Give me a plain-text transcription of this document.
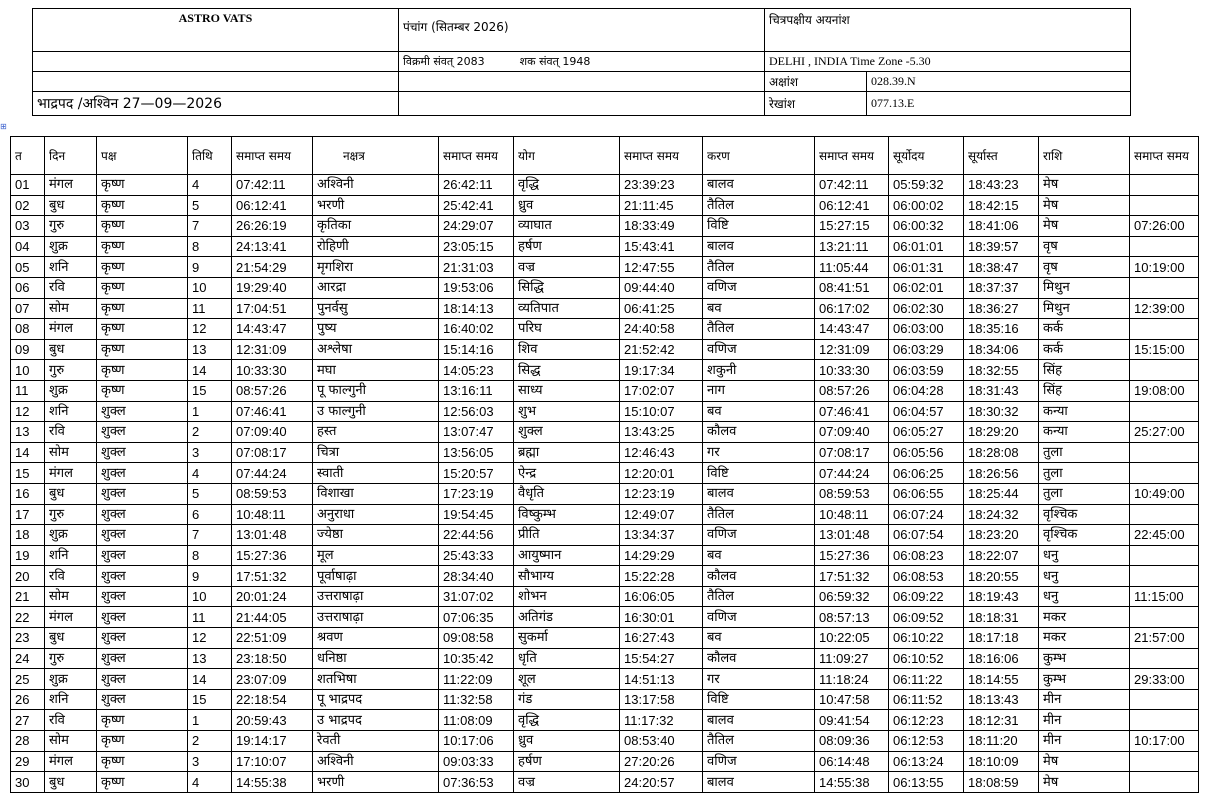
ASTRO VATS	पंचांग (सितम्बर 2026)	चित्रपक्षीय अयनांश	
	विक्रमी संवत् 2083 शक संवत् 1948	DELHI , INDIA Time Zone -5.30	
		अक्षांश	028.39.N
भाद्रपद /अश्विन 27—09—2026		रेखांश	077.13.E
⊞
त	दिन	पक्ष	तिथि	समाप्त समय	नक्षत्र	समाप्त समय	योग	समाप्त समय	करण	समाप्त समय	सूर्योदय	सूर्यास्त	राशि	समाप्त समय
01	मंगल	कृष्ण	4	07:42:11	अश्विनी	26:42:11	वृद्धि	23:39:23	बालव	07:42:11	05:59:32	18:43:23	मेष	
02	बुध	कृष्ण	5	06:12:41	भरणी	25:42:41	ध्रुव	21:11:45	तैतिल	06:12:41	06:00:02	18:42:15	मेष	
03	गुरु	कृष्ण	7	26:26:19	कृतिका	24:29:07	व्याघात	18:33:49	विष्टि	15:27:15	06:00:32	18:41:06	मेष	07:26:00
04	शुक्र	कृष्ण	8	24:13:41	रोहिणी	23:05:15	हर्षण	15:43:41	बालव	13:21:11	06:01:01	18:39:57	वृष	
05	शनि	कृष्ण	9	21:54:29	मृगशिरा	21:31:03	वज्र	12:47:55	तैतिल	11:05:44	06:01:31	18:38:47	वृष	10:19:00
06	रवि	कृष्ण	10	19:29:40	आरद्रा	19:53:06	सिद्धि	09:44:40	वणिज	08:41:51	06:02:01	18:37:37	मिथुन	
07	सोम	कृष्ण	11	17:04:51	पुनर्वसु	18:14:13	व्यतिपात	06:41:25	बव	06:17:02	06:02:30	18:36:27	मिथुन	12:39:00
08	मंगल	कृष्ण	12	14:43:47	पुष्य	16:40:02	परिघ	24:40:58	तैतिल	14:43:47	06:03:00	18:35:16	कर्क	
09	बुध	कृष्ण	13	12:31:09	अश्लेषा	15:14:16	शिव	21:52:42	वणिज	12:31:09	06:03:29	18:34:06	कर्क	15:15:00
10	गुरु	कृष्ण	14	10:33:30	मघा	14:05:23	सिद्ध	19:17:34	शकुनी	10:33:30	06:03:59	18:32:55	सिंह	
11	शुक्र	कृष्ण	15	08:57:26	पू फाल्गुनी	13:16:11	साध्य	17:02:07	नाग	08:57:26	06:04:28	18:31:43	सिंह	19:08:00
12	शनि	शुक्ल	1	07:46:41	उ फाल्गुनी	12:56:03	शुभ	15:10:07	बव	07:46:41	06:04:57	18:30:32	कन्या	
13	रवि	शुक्ल	2	07:09:40	हस्त	13:07:47	शुक्ल	13:43:25	कौलव	07:09:40	06:05:27	18:29:20	कन्या	25:27:00
14	सोम	शुक्ल	3	07:08:17	चित्रा	13:56:05	ब्रह्मा	12:46:43	गर	07:08:17	06:05:56	18:28:08	तुला	
15	मंगल	शुक्ल	4	07:44:24	स्वाती	15:20:57	ऐन्द्र	12:20:01	विष्टि	07:44:24	06:06:25	18:26:56	तुला	
16	बुध	शुक्ल	5	08:59:53	विशाखा	17:23:19	वैधृति	12:23:19	बालव	08:59:53	06:06:55	18:25:44	तुला	10:49:00
17	गुरु	शुक्ल	6	10:48:11	अनुराधा	19:54:45	विष्कुम्भ	12:49:07	तैतिल	10:48:11	06:07:24	18:24:32	वृश्चिक	
18	शुक्र	शुक्ल	7	13:01:48	ज्येष्ठा	22:44:56	प्रीति	13:34:37	वणिज	13:01:48	06:07:54	18:23:20	वृश्चिक	22:45:00
19	शनि	शुक्ल	8	15:27:36	मूल	25:43:33	आयुष्मान	14:29:29	बव	15:27:36	06:08:23	18:22:07	धनु	
20	रवि	शुक्ल	9	17:51:32	पूर्वाषाढ़ा	28:34:40	सौभाग्य	15:22:28	कौलव	17:51:32	06:08:53	18:20:55	धनु	
21	सोम	शुक्ल	10	20:01:24	उत्तराषाढ़ा	31:07:02	शोभन	16:06:05	तैतिल	06:59:32	06:09:22	18:19:43	धनु	11:15:00
22	मंगल	शुक्ल	11	21:44:05	उत्तराषाढ़ा	07:06:35	अतिगंड	16:30:01	वणिज	08:57:13	06:09:52	18:18:31	मकर	
23	बुध	शुक्ल	12	22:51:09	श्रवण	09:08:58	सुकर्मा	16:27:43	बव	10:22:05	06:10:22	18:17:18	मकर	21:57:00
24	गुरु	शुक्ल	13	23:18:50	धनिष्ठा	10:35:42	धृति	15:54:27	कौलव	11:09:27	06:10:52	18:16:06	कुम्भ	
25	शुक्र	शुक्ल	14	23:07:09	शतभिषा	11:22:09	शूल	14:51:13	गर	11:18:24	06:11:22	18:14:55	कुम्भ	29:33:00
26	शनि	शुक्ल	15	22:18:54	पू भाद्रपद	11:32:58	गंड	13:17:58	विष्टि	10:47:58	06:11:52	18:13:43	मीन	
27	रवि	कृष्ण	1	20:59:43	उ भाद्रपद	11:08:09	वृद्धि	11:17:32	बालव	09:41:54	06:12:23	18:12:31	मीन	
28	सोम	कृष्ण	2	19:14:17	रेवती	10:17:06	ध्रुव	08:53:40	तैतिल	08:09:36	06:12:53	18:11:20	मीन	10:17:00
29	मंगल	कृष्ण	3	17:10:07	अश्विनी	09:03:33	हर्षण	27:20:26	वणिज	06:14:48	06:13:24	18:10:09	मेष	
30	बुध	कृष्ण	4	14:55:38	भरणी	07:36:53	वज्र	24:20:57	बालव	14:55:38	06:13:55	18:08:59	मेष	
